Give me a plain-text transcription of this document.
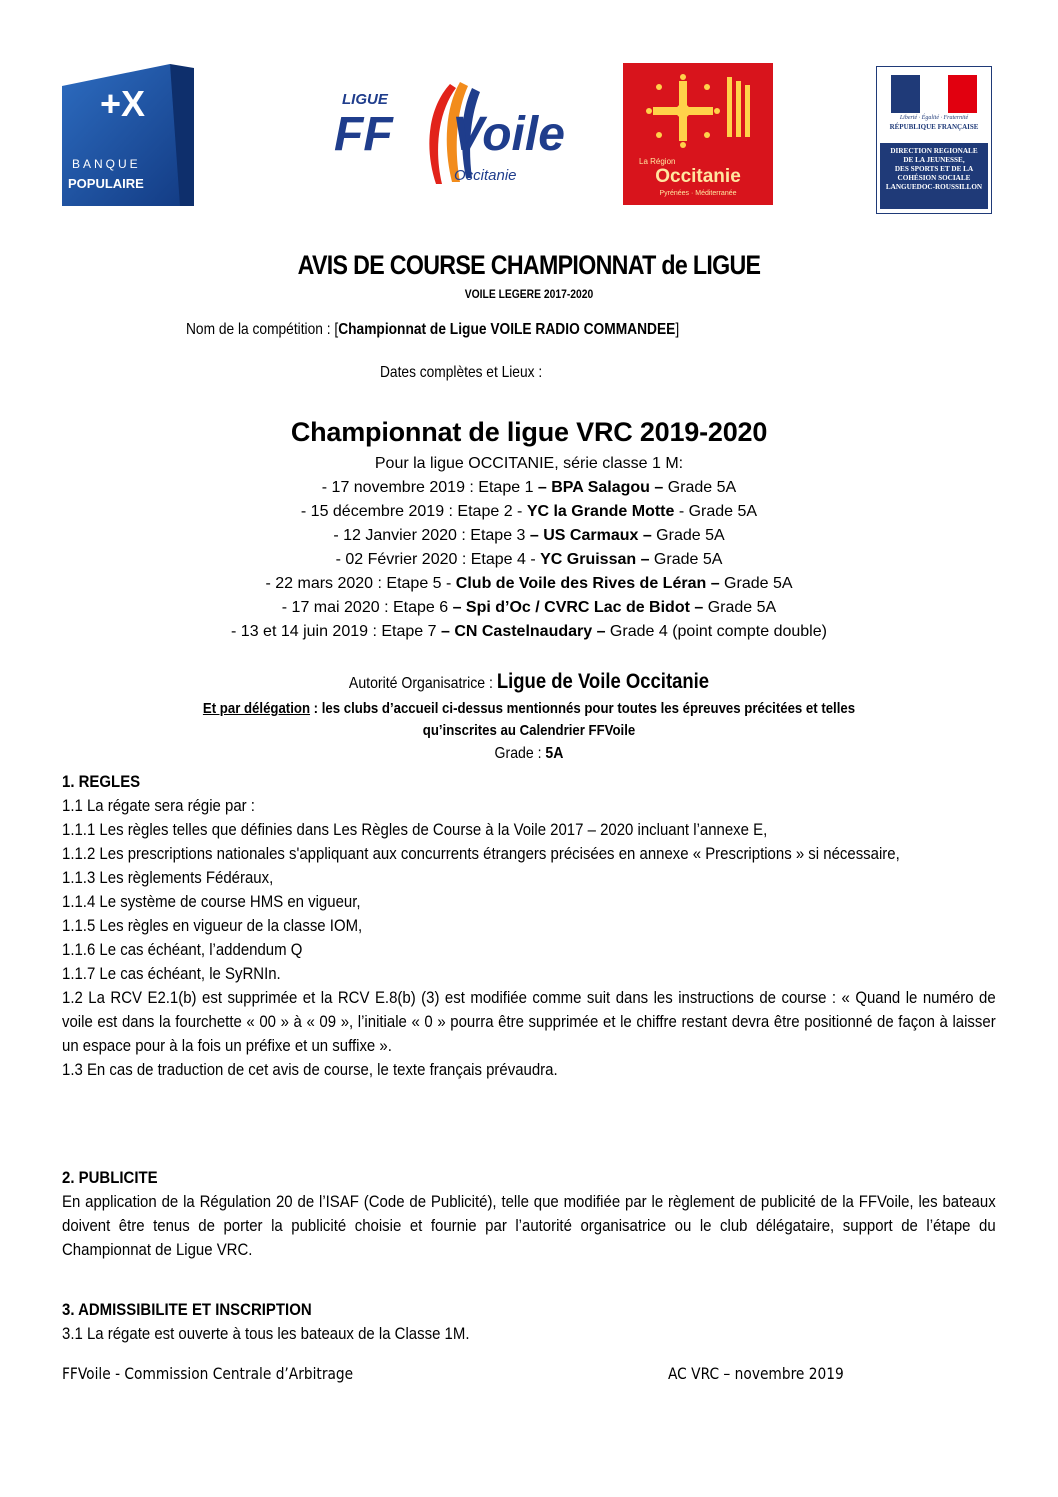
+X
BANQUE
POPULAIRE
LIGUE
FF Voile
Occitanie
La Région
Occitanie
Pyrénées · Méditerranée
Liberté · Égalité · Fraternité
RÉPUBLIQUE FRANÇAISE
DIRECTION REGIONALE
DE LA JEUNESSE,
DES SPORTS ET DE LA
COHÉSION SOCIALE
LANGUEDOC-ROUSSILLON
AVIS DE COURSE CHAMPIONNAT de LIGUE
VOILE LEGERE 2017-2020
Nom de la compétition : [Championnat de Ligue VOILE RADIO COMMANDEE]
Dates complètes et Lieux :
Championnat de ligue VRC 2019-2020
Pour la ligue OCCITANIE, série classe 1 M:
- 17 novembre 2019 : Etape 1 – BPA Salagou – Grade 5A
- 15 décembre 2019 : Etape 2 - YC la Grande Motte - Grade 5A
- 12 Janvier 2020 : Etape 3 – US Carmaux – Grade 5A
- 02 Février 2020 : Etape 4 - YC Gruissan – Grade 5A
- 22 mars 2020 : Etape 5 - Club de Voile des Rives de Léran – Grade 5A
- 17 mai 2020 : Etape 6 – Spi d’Oc / CVRC Lac de Bidot – Grade 5A
- 13 et 14 juin 2019 : Etape 7 – CN Castelnaudary – Grade 4 (point compte double)
Autorité Organisatrice : Ligue de Voile Occitanie
Et par délégation : les clubs d’accueil ci-dessus mentionnés pour toutes les épreuves précitées et telles
qu’inscrites au Calendrier FFVoile
Grade : 5A
1. REGLES
1.1 La régate sera régie par :
1.1.1 Les règles telles que définies dans Les Règles de Course à la Voile 2017 – 2020 incluant l’annexe E,
1.1.2 Les prescriptions nationales s'appliquant aux concurrents étrangers précisées en annexe « Prescriptions » si nécessaire,
1.1.3 Les règlements Fédéraux,
1.1.4 Le système de course HMS en vigueur,
1.1.5 Les règles en vigueur de la classe IOM,
1.1.6 Le cas échéant, l’addendum Q
1.1.7 Le cas échéant, le SyRNIn.
1.2 La RCV E2.1(b) est supprimée et la RCV E.8(b) (3) est modifiée comme suit dans les instructions de course : « Quand le numéro de voile est dans la fourchette « 00 » à « 09 », l’initiale « 0 » pourra être supprimée et le chiffre restant devra être positionné de façon à laisser un espace pour à la fois un préfixe et un suffixe ».
1.3 En cas de traduction de cet avis de course, le texte français prévaudra.
2. PUBLICITE
En application de la Régulation 20 de l’ISAF (Code de Publicité), telle que modifiée par le règlement de publicité de la FFVoile, les bateaux doivent être tenus de porter la publicité choisie et fournie par l’autorité organisatrice ou le club délégataire, support de l’étape du Championnat de Ligue VRC.
3. ADMISSIBILITE ET INSCRIPTION
3.1 La régate est ouverte à tous les bateaux de la Classe 1M.
FFVoile - Commission Centrale d’Arbitrage	AC VRC – novembre 2019
